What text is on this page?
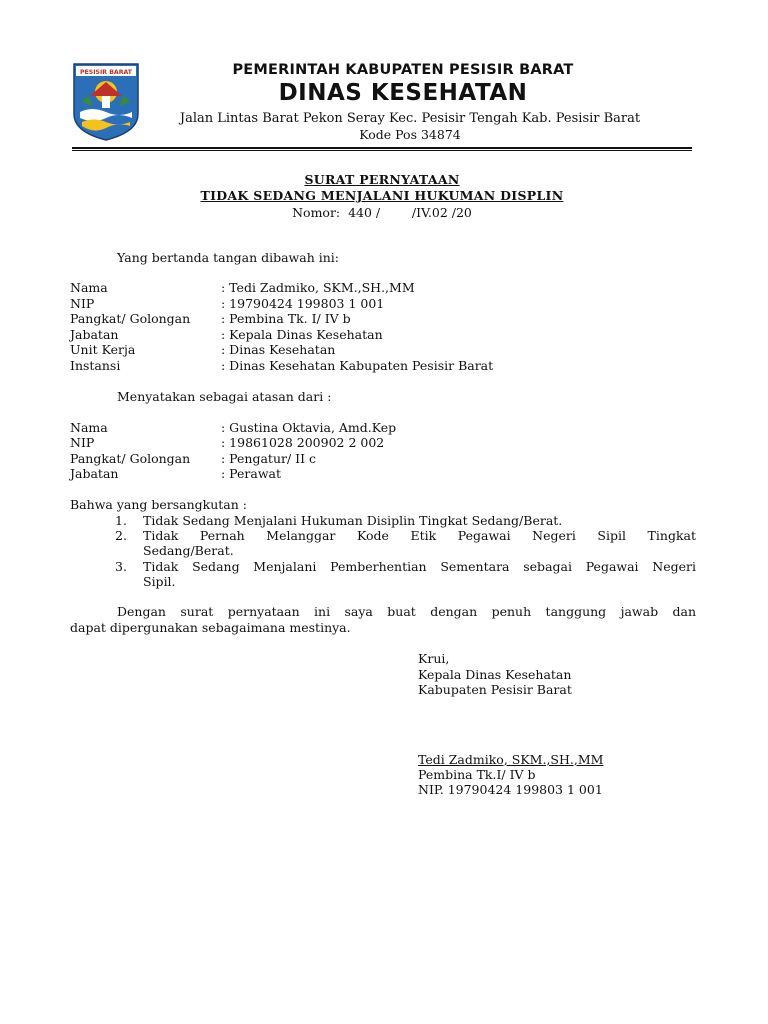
PESISIR BARAT	PEMERINTAH KABUPATEN PESISIR BARAT
DINAS KESEHATAN
Jalan Lintas Barat Pekon Seray Kec. Pesisir Tengah Kab. Pesisir Barat
Kode Pos 34874
SURAT PERNYATAAN
TIDAK SEDANG MENJALANI HUKUMAN DISPLIN
Nomor:  440 /        /IV.02 /20
Yang bertanda tangan dibawah ini:
Nama	: Tedi Zadmiko, SKM.,SH.,MM
NIP	: 19790424 199803 1 001
Pangkat/ Golongan : Pembina Tk. I/ IV b
Jabatan	: Kepala Dinas Kesehatan
Unit Kerja	: Dinas Kesehatan
Instansi	: Dinas Kesehatan Kabupaten Pesisir Barat
Menyatakan sebagai atasan dari :
Nama	: Gustina Oktavia, Amd.Kep
NIP	: 19861028 200902 2 002
Pangkat/ Golongan : Pengatur/ II c
Jabatan	: Perawat
Bahwa yang bersangkutan :
1. Tidak Sedang Menjalani Hukuman Disiplin Tingkat Sedang/Berat.
2. Tidak Pernah Melanggar Kode Etik Pegawai Negeri Sipil Tingkat
Sedang/Berat.
3. Tidak Sedang Menjalani Pemberhentian Sementara sebagai Pegawai Negeri
Sipil.
Dengan surat pernyataan ini saya buat dengan penuh tanggung jawab dan
dapat dipergunakan sebagaimana mestinya.
Krui,
Kepala Dinas Kesehatan
Kabupaten Pesisir Barat
Tedi Zadmiko, SKM.,SH.,MM
Pembina Tk.I/ IV b
NIP. 19790424 199803 1 001
